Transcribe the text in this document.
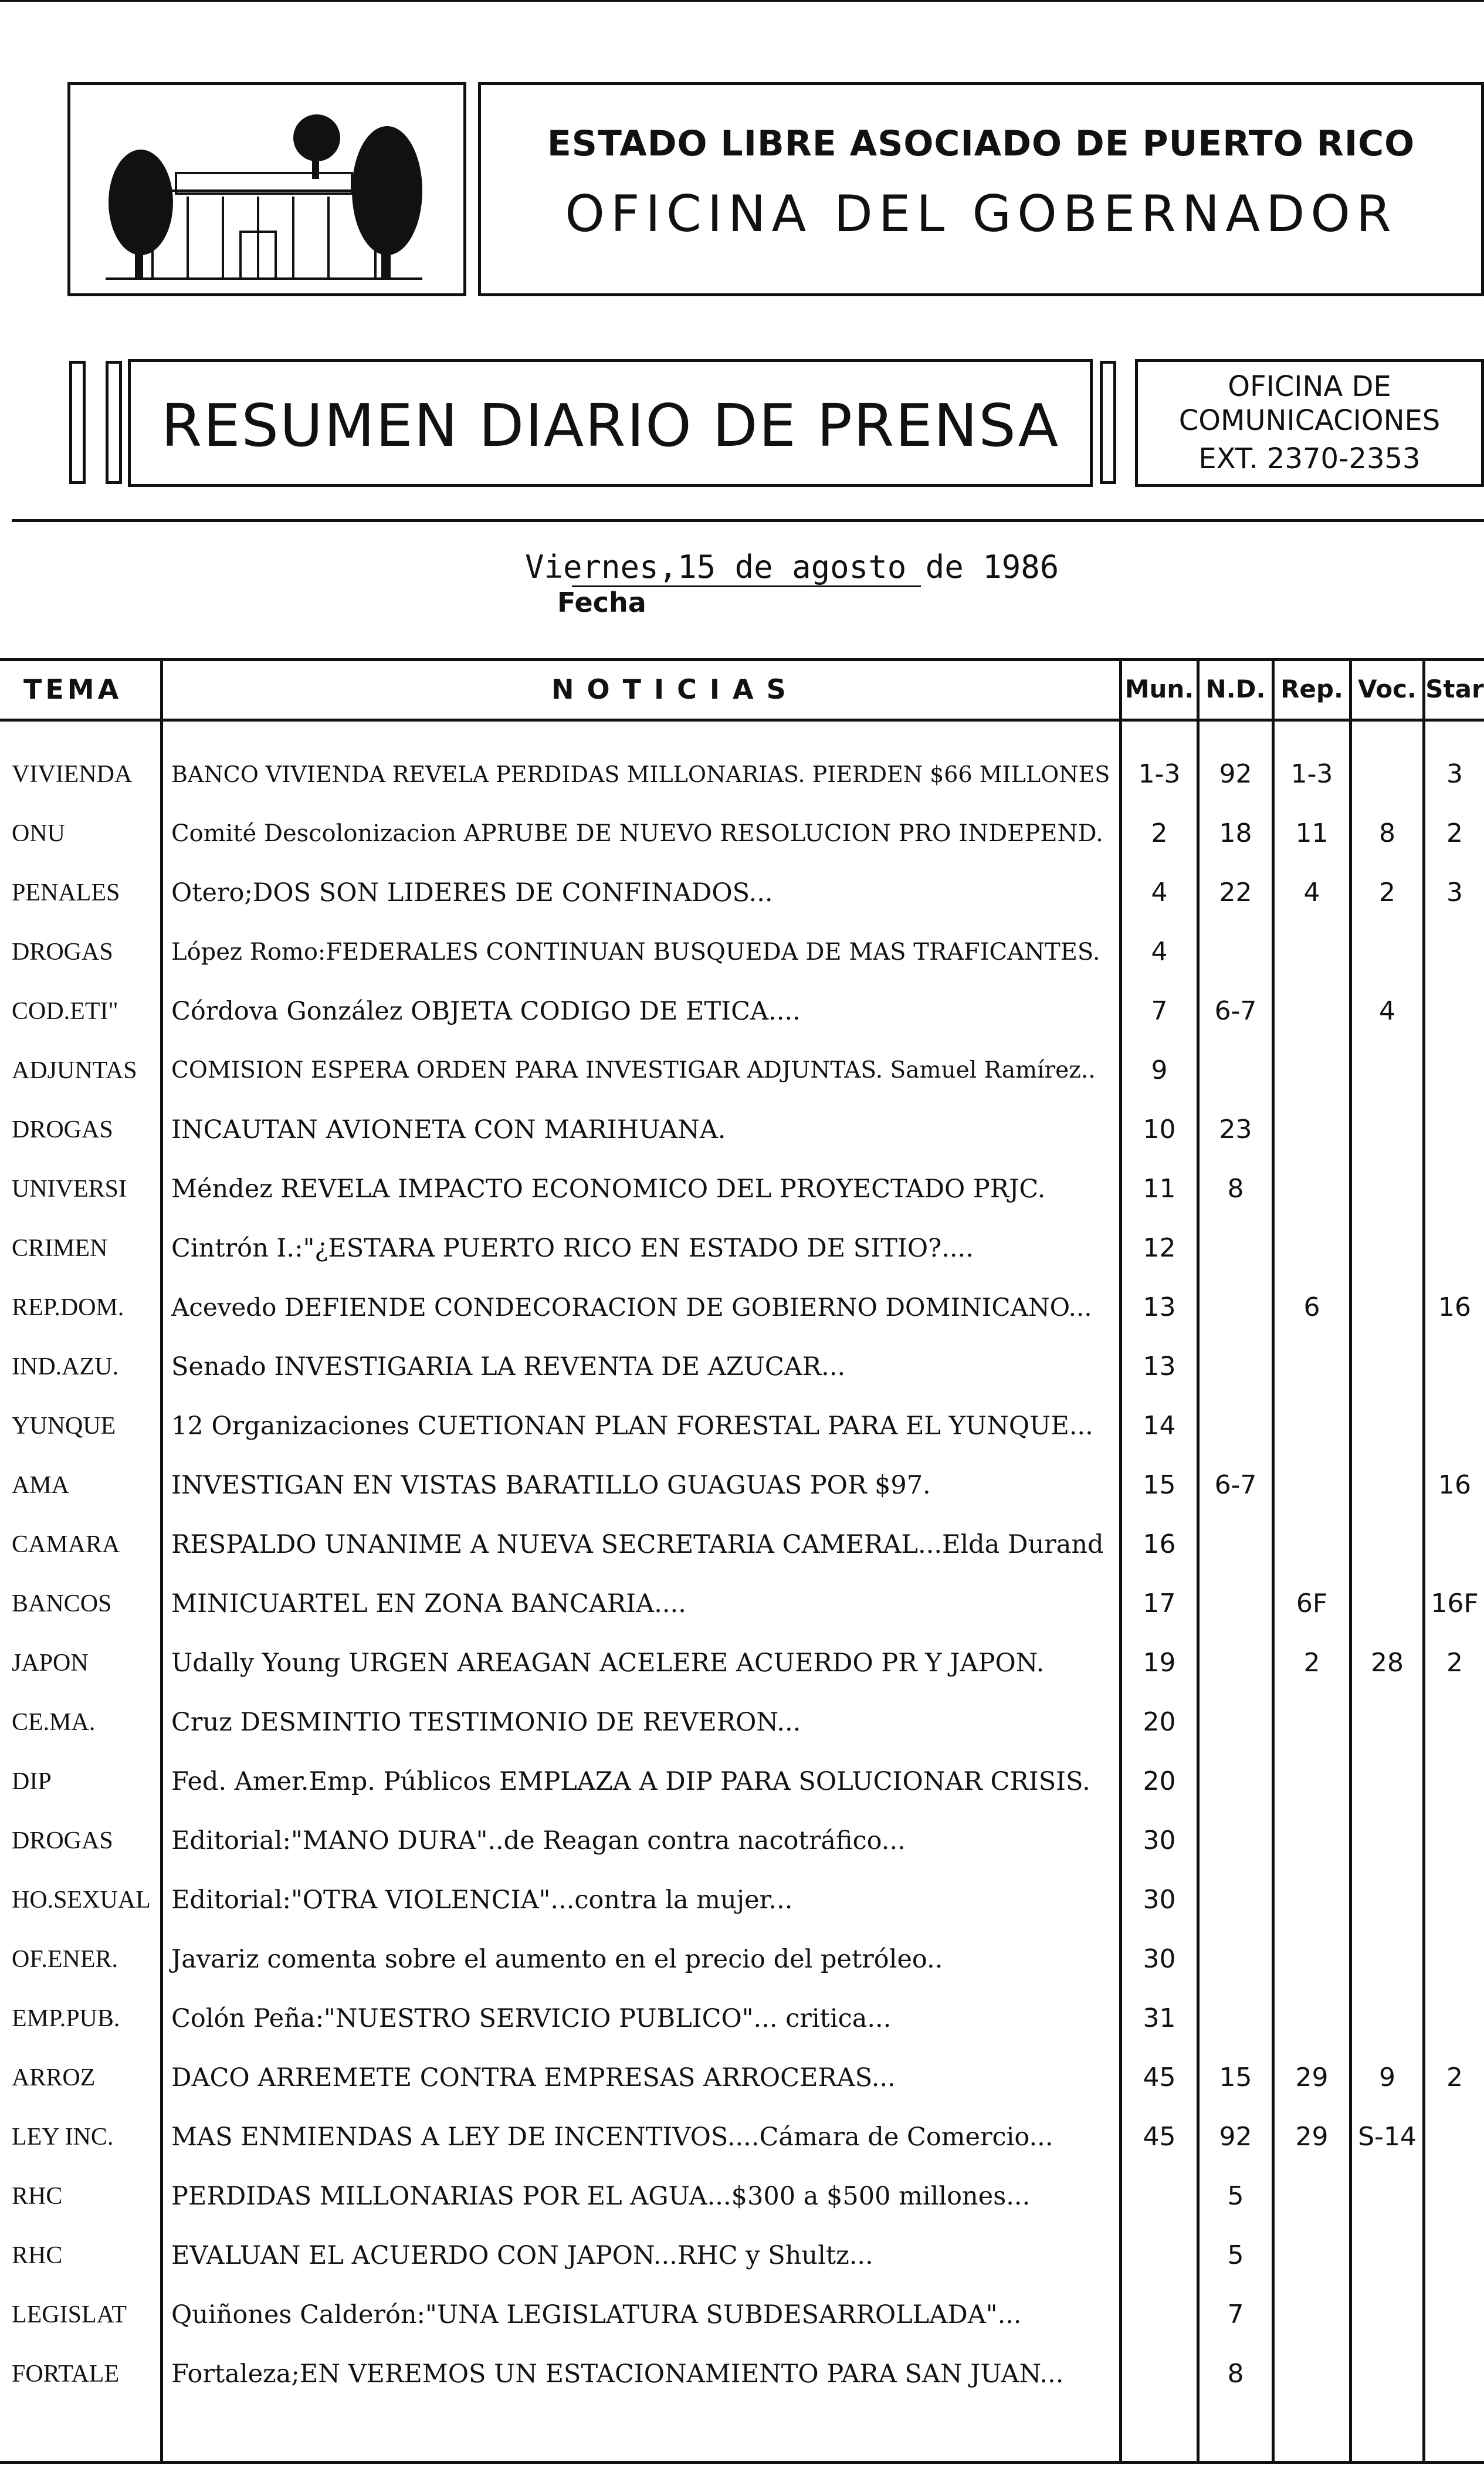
ESTADO LIBRE ASOCIADO DE PUERTO RICO
OFICINA DEL GOBERNADOR
RESUMEN DIARIO DE PRENSA
OFICINA DE
COMUNICACIONES
EXT. 2370-2353
Viernes,15 de agosto de 1986
Fecha
TEMA	NOTICIAS	Mun. N.D. Rep. Voc. Star
VIVIENDA BANCO VIVIENDA REVELA PERDIDAS MILLONARIAS. PIERDEN $66 MILLONES	1-3	92	1-3	3
ONU	Comité Descolonizacion APRUBE DE NUEVO RESOLUCION PRO INDEPEND.	2	18	11	8	2
PENALES Otero;DOS SON LIDERES DE CONFINADOS...	4	22	4	2	3
DROGAS López Romo:FEDERALES CONTINUAN BUSQUEDA DE MAS TRAFICANTES.	4
COD.ETI" Córdova González OBJETA CODIGO DE ETICA....	7	6-7	4
ADJUNTAS COMISION ESPERA ORDEN PARA INVESTIGAR ADJUNTAS. Samuel Ramírez..	9
DROGAS INCAUTAN AVIONETA CON MARIHUANA.	10	23
UNIVERSI Méndez REVELA IMPACTO ECONOMICO DEL PROYECTADO PRJC.	11	8
CRIMEN	Cintrón I.:"¿ESTARA PUERTO RICO EN ESTADO DE SITIO?....	12
REP.DOM. Acevedo DEFIENDE CONDECORACION DE GOBIERNO DOMINICANO...	13	6	16
IND.AZU. Senado INVESTIGARIA LA REVENTA DE AZUCAR...	13
YUNQUE 12 Organizaciones CUETIONAN PLAN FORESTAL PARA EL YUNQUE...	14
AMA	INVESTIGAN EN VISTAS BARATILLO GUAGUAS POR $97.	15	6-7	16
CAMARA RESPALDO UNANIME A NUEVA SECRETARIA CAMERAL...Elda Durand	16
BANCOS MINICUARTEL EN ZONA BANCARIA....	17	6F	16F
JAPON	Udally Young URGEN AREAGAN ACELERE ACUERDO PR Y JAPON.	19	2	28	2
CE.MA.	Cruz DESMINTIO TESTIMONIO DE REVERON...	20
DIP	Fed. Amer.Emp. Públicos EMPLAZA A DIP PARA SOLUCIONAR CRISIS.	20
DROGAS Editorial:"MANO DURA"..de Reagan contra nacotráfico...	30
HO.SEXUAL Editorial:"OTRA VIOLENCIA"...contra la mujer...	30
OF.ENER. Javariz comenta sobre el aumento en el precio del petróleo..	30
EMP.PUB. Colón Peña:"NUESTRO SERVICIO PUBLICO"... critica...	31
ARROZ	DACO ARREMETE CONTRA EMPRESAS ARROCERAS...	45	15	29	9	2
LEY INC. MAS ENMIENDAS A LEY DE INCENTIVOS....Cámara de Comercio...	45	92	29	S-14
RHC	PERDIDAS MILLONARIAS POR EL AGUA...$300 a $500 millones...	5
RHC	EVALUAN EL ACUERDO CON JAPON...RHC y Shultz...	5
LEGISLAT Quiñones Calderón:"UNA LEGISLATURA SUBDESARROLLADA"...	7
FORTALE Fortaleza;EN VEREMOS UN ESTACIONAMIENTO PARA SAN JUAN...	8
